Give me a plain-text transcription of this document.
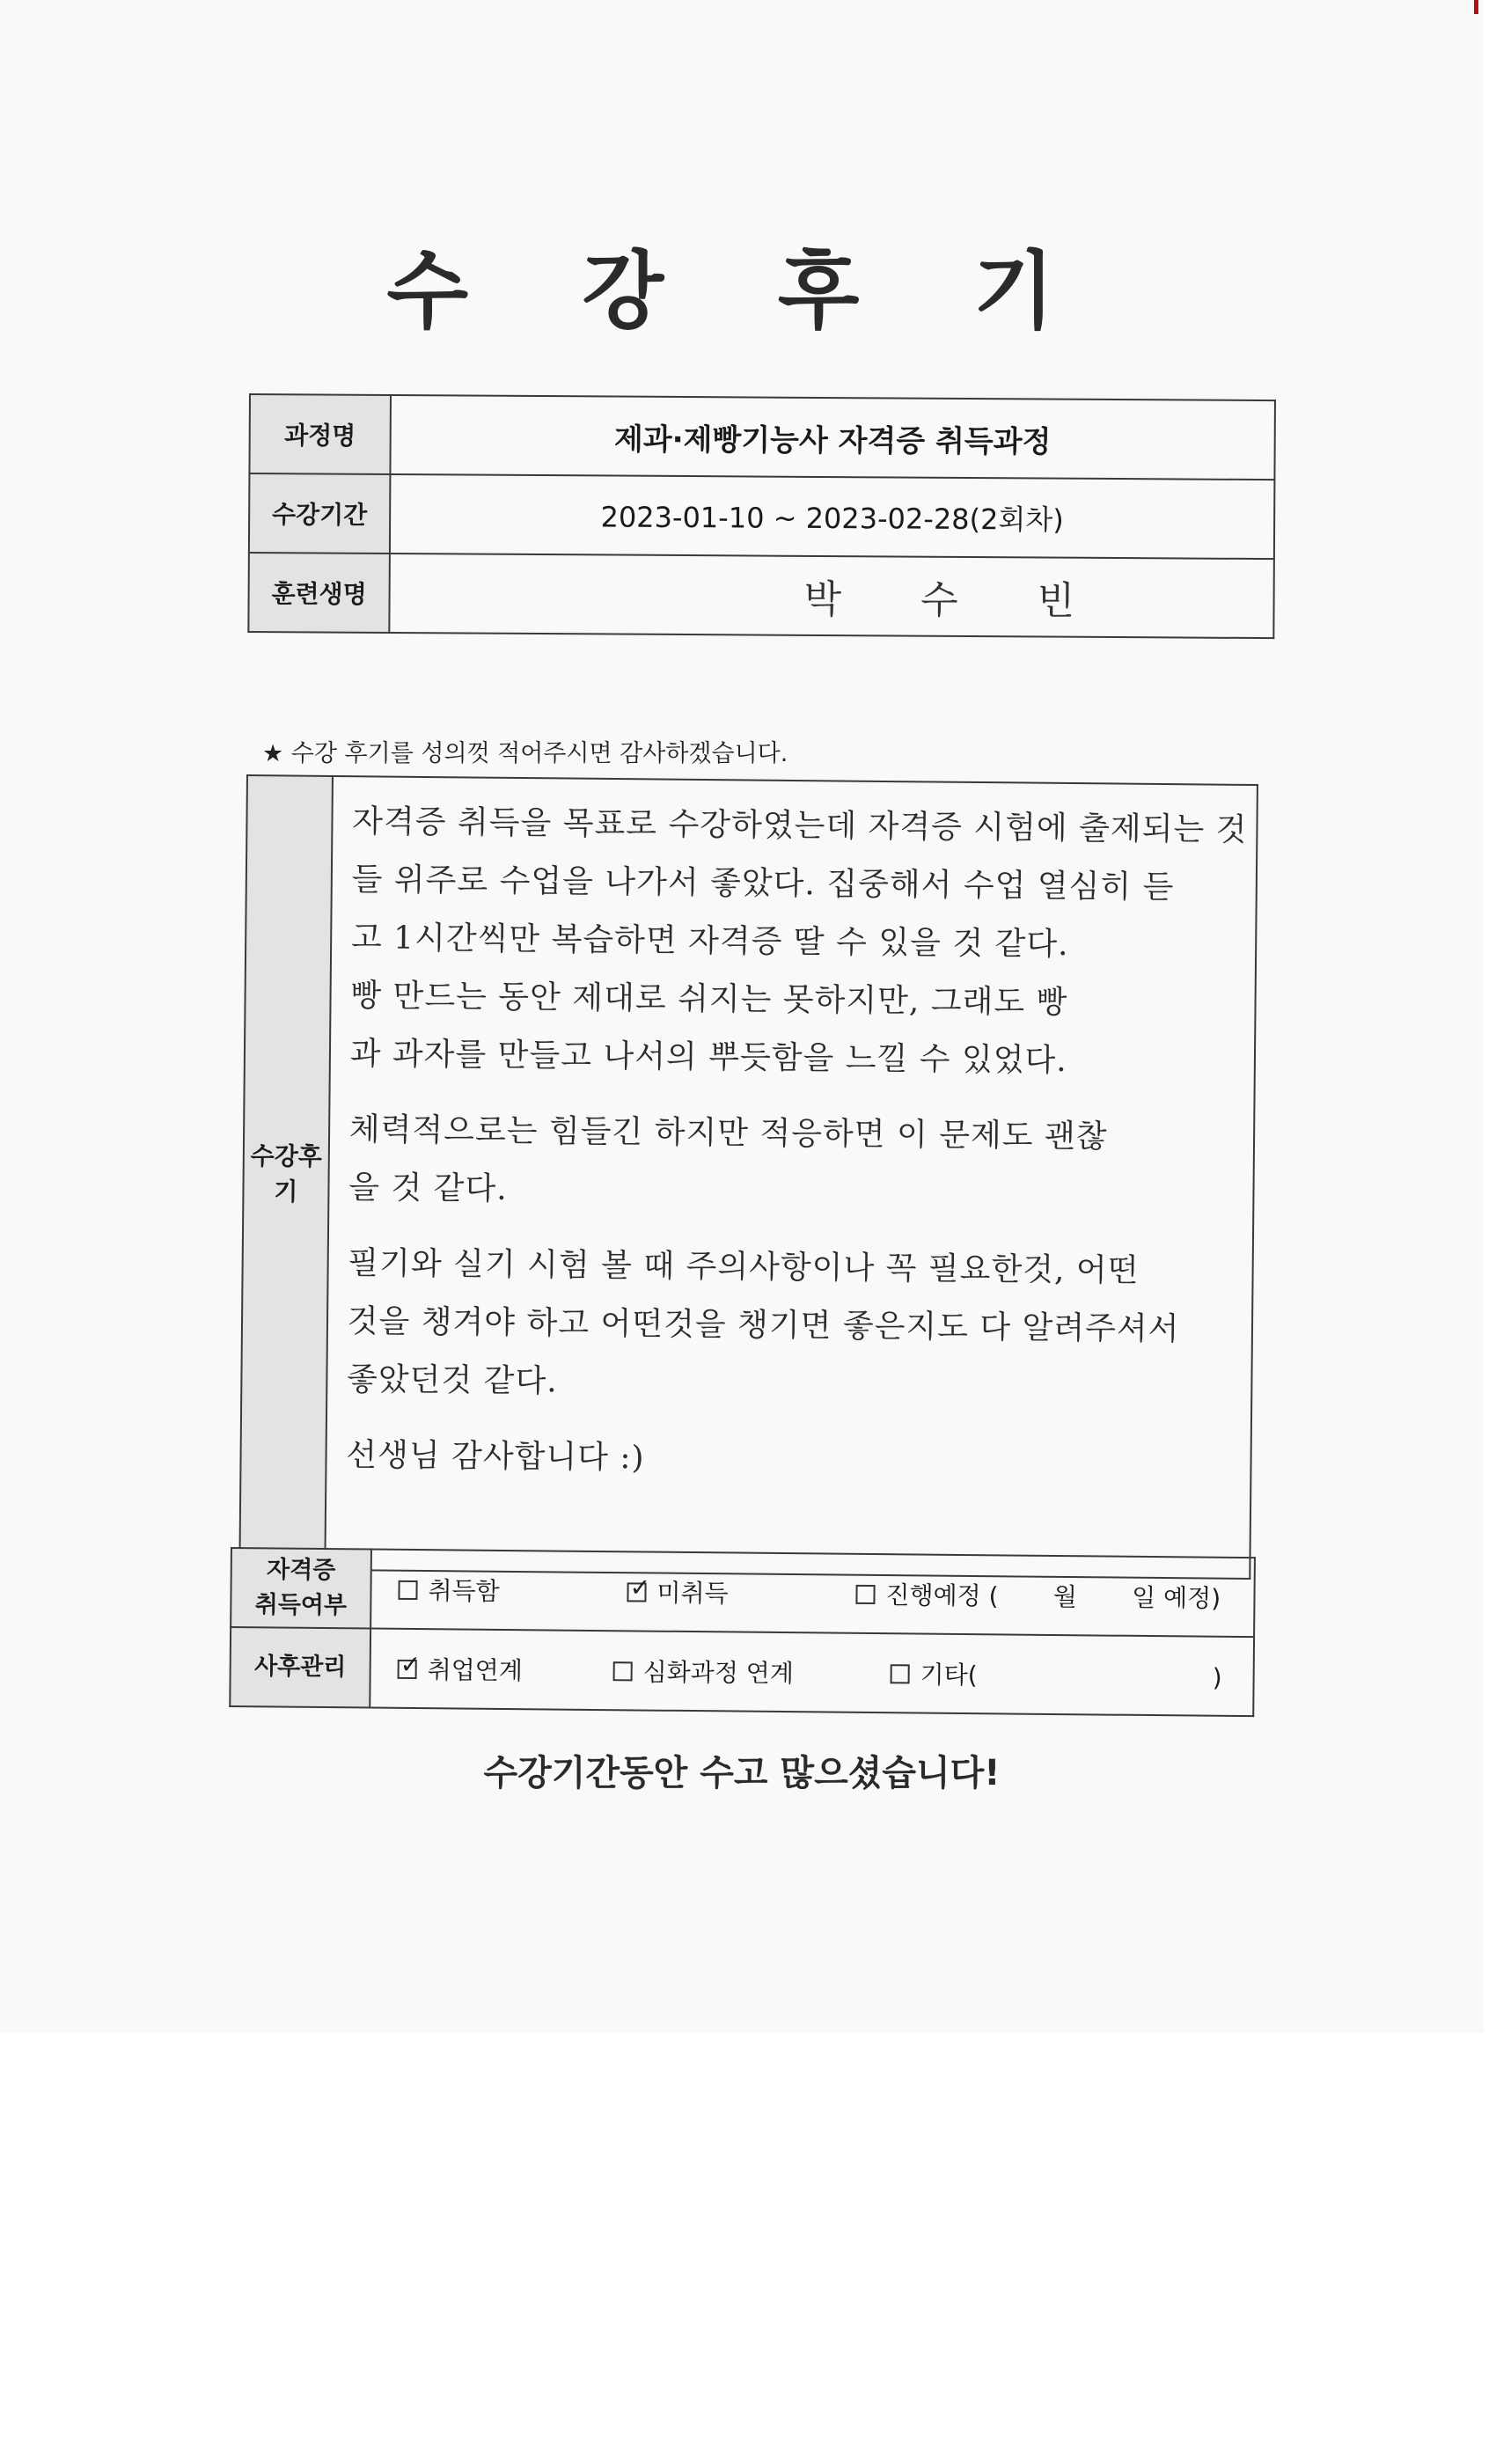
수 강 후 기
과정명	제과·제빵기능사 자격증 취득과정
수강기간	2023-01-10 ~ 2023-02-28(2회차)
훈련생명	박 수 빈
★ 수강 후기를 성의껏 적어주시면 감사하겠습니다.
수강후기	
자격증 취득을 목표로 수강하였는데 자격증 시험에 출제되는 것
들 위주로 수업을 나가서 좋았다. 집중해서 수업 열심히 듣
고 1시간씩만 복습하면 자격증 딸 수 있을 것 같다.
빵 만드는 동안 제대로 쉬지는 못하지만, 그래도 빵
과 과자를 만들고 나서의 뿌듯함을 느낄 수 있었다.
체력적으로는 힘들긴 하지만 적응하면 이 문제도 괜찮
을 것 같다.
필기와 실기 시험 볼 때 주의사항이나 꼭 필요한것, 어떤
것을 챙겨야 하고 어떤것을 챙기면 좋은지도 다 알려주셔서
좋았던것 같다.
선생님 감사합니다 :)
자격증
취득여부	취득함 ✓ 미취득 진행예정 (       월       일 예정)
사후관리	✓취업연계 심화과정 연계 기타(                              )
수강기간동안 수고 많으셨습니다!
